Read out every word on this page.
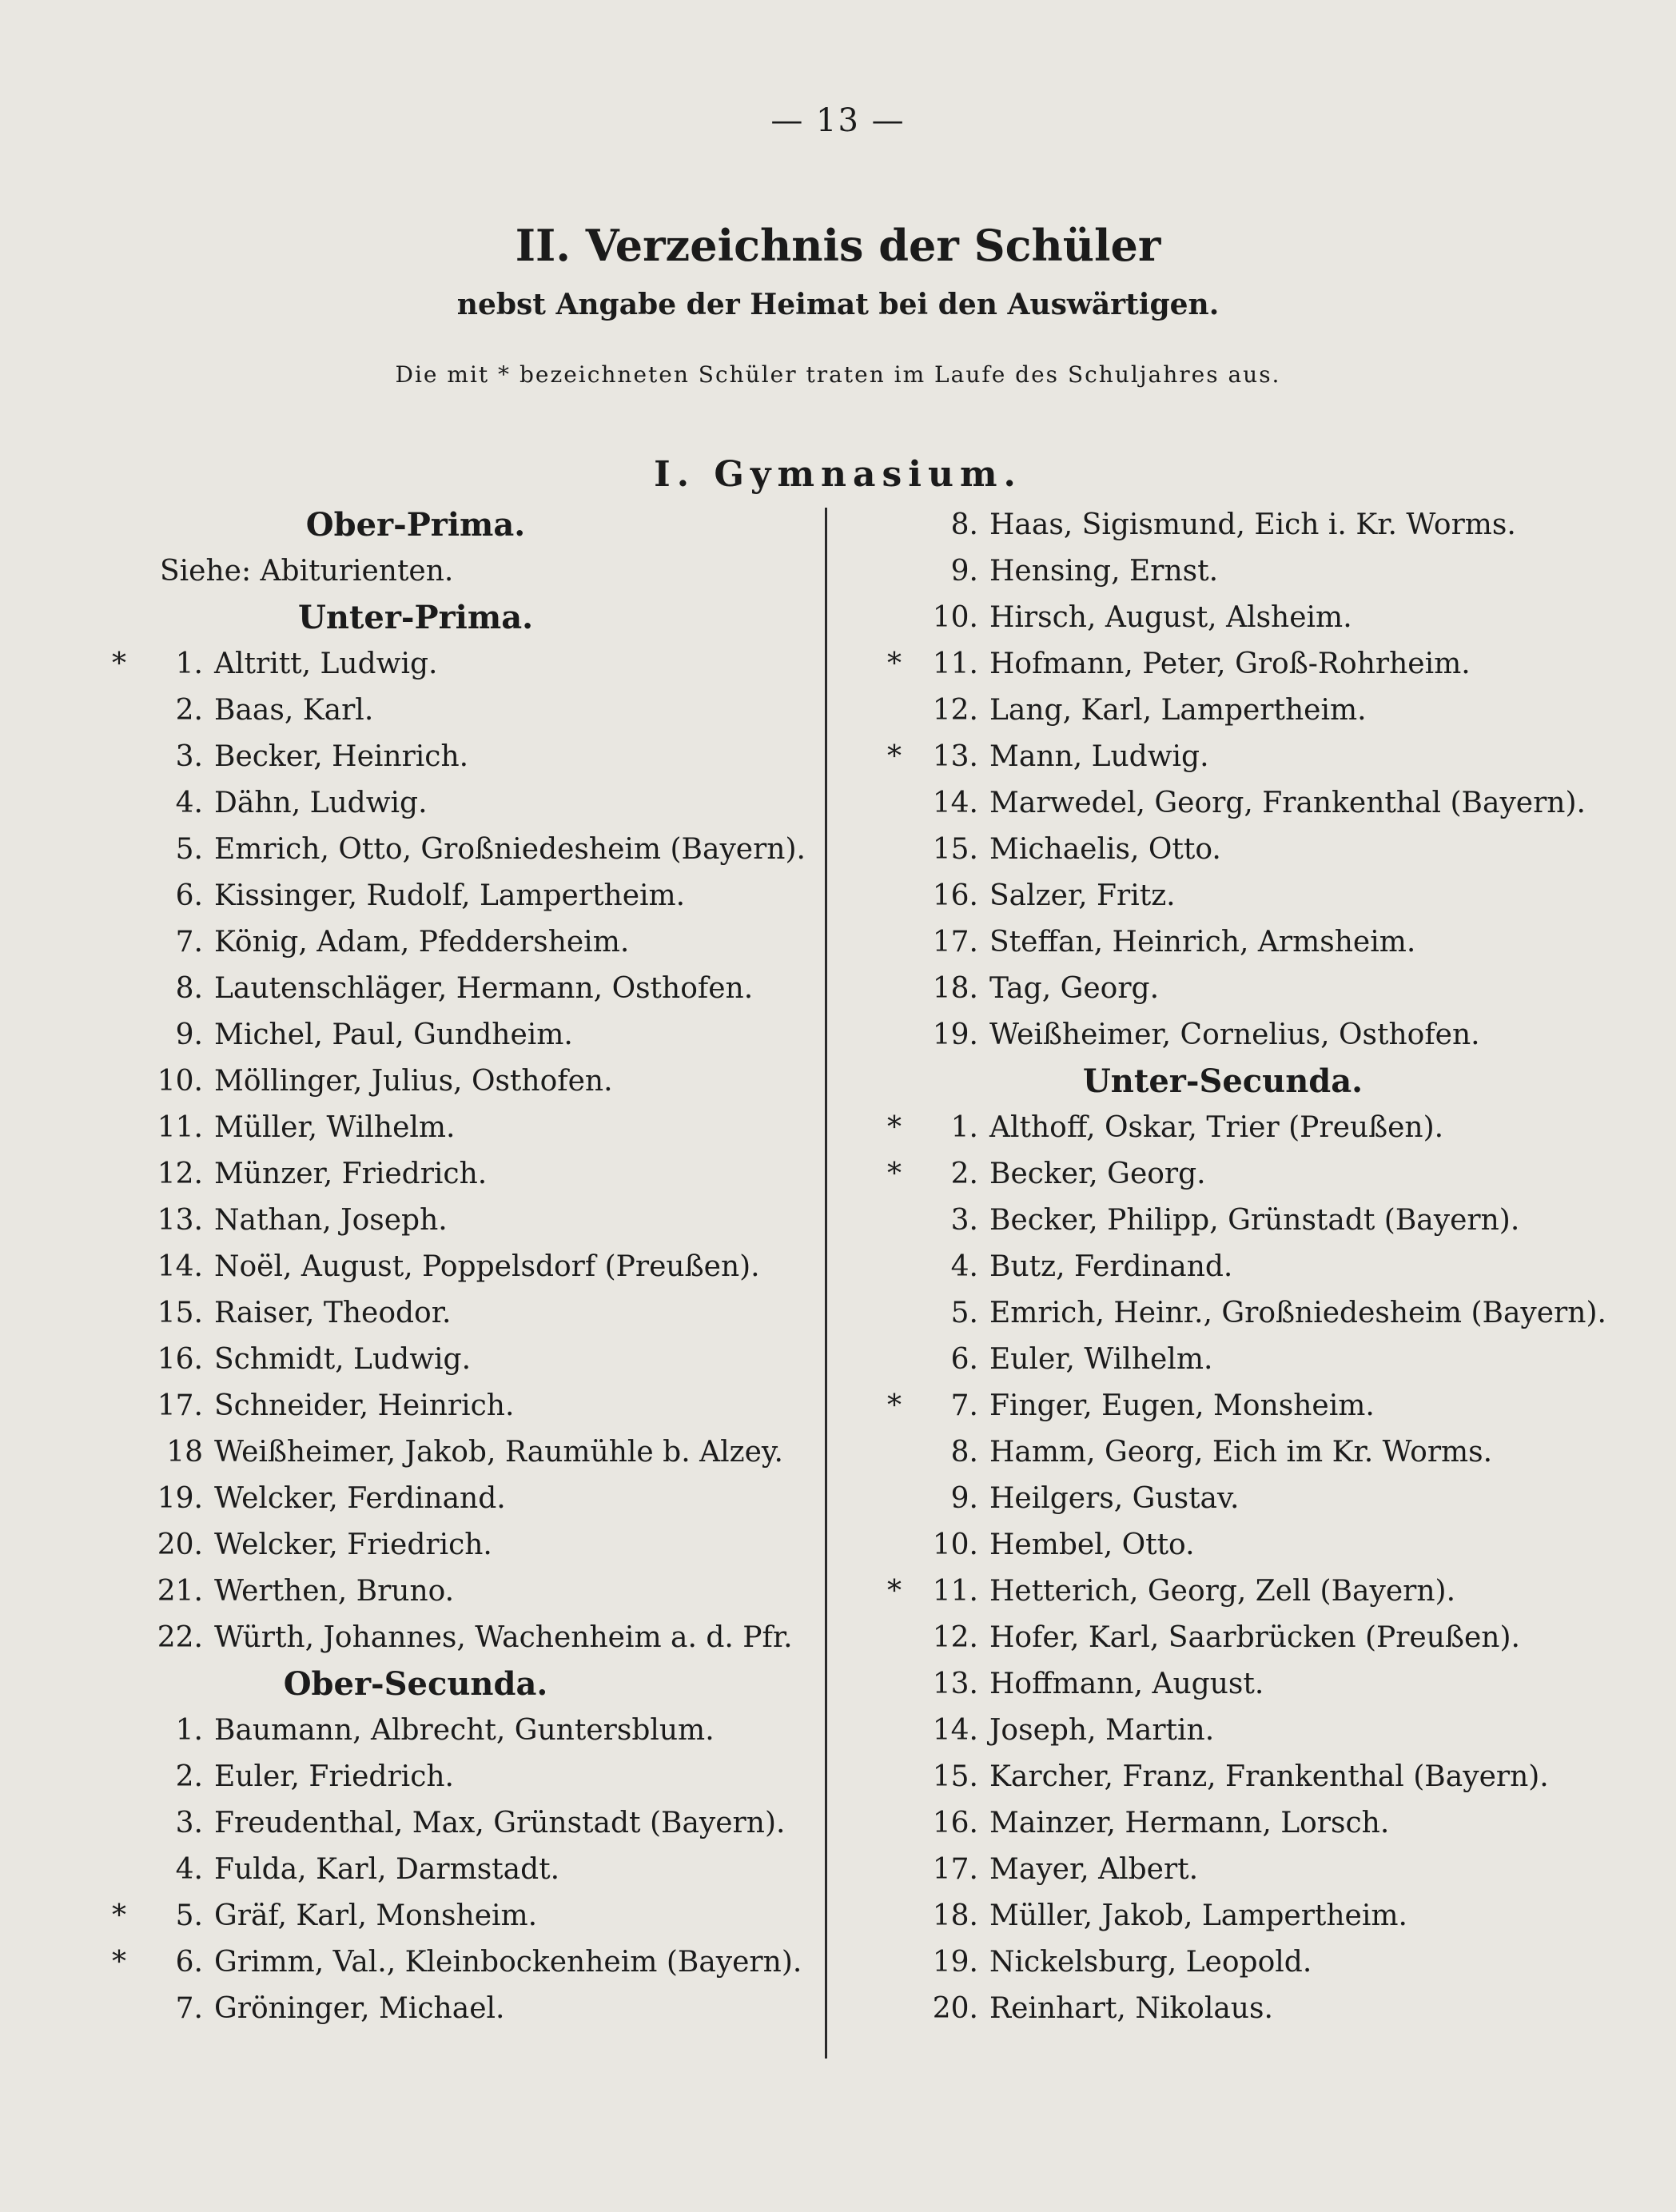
— 13 —
II. Verzeichnis der Schüler
nebst Angabe der Heimat bei den Auswärtigen.
Die mit * bezeichneten Schüler traten im Laufe des Schuljahres aus.
I. Gymnasium.
Ober-Prima.
Siehe: Abiturienten.
Unter-Prima.
* 1. Altritt, Ludwig.
2. Baas, Karl.
3. Becker, Heinrich.
4. Dähn, Ludwig.
5. Emrich, Otto, Großniedesheim (Bayern).
6. Kissinger, Rudolf, Lampertheim.
7. König, Adam, Pfeddersheim.
8. Lautenschläger, Hermann, Osthofen.
9. Michel, Paul, Gundheim.
10. Möllinger, Julius, Osthofen.
11. Müller, Wilhelm.
12. Münzer, Friedrich.
13. Nathan, Joseph.
14. Noël, August, Poppelsdorf (Preußen).
15. Raiser, Theodor.
16. Schmidt, Ludwig.
17. Schneider, Heinrich.
18 Weißheimer, Jakob, Raumühle b. Alzey.
19. Welcker, Ferdinand.
20. Welcker, Friedrich.
21. Werthen, Bruno.
22. Würth, Johannes, Wachenheim a. d. Pfr.
Ober-Secunda.
1. Baumann, Albrecht, Guntersblum.
2. Euler, Friedrich.
3. Freudenthal, Max, Grünstadt (Bayern).
4. Fulda, Karl, Darmstadt.
* 5. Gräf, Karl, Monsheim.
* 6. Grimm, Val., Kleinbockenheim (Bayern).
7. Gröninger, Michael.
8. Haas, Sigismund, Eich i. Kr. Worms.
9. Hensing, Ernst.
10. Hirsch, August, Alsheim.
* 11. Hofmann, Peter, Groß-Rohrheim.
12. Lang, Karl, Lampertheim.
* 13. Mann, Ludwig.
14. Marwedel, Georg, Frankenthal (Bayern).
15. Michaelis, Otto.
16. Salzer, Fritz.
17. Steffan, Heinrich, Armsheim.
18. Tag, Georg.
19. Weißheimer, Cornelius, Osthofen.
Unter-Secunda.
* 1. Althoff, Oskar, Trier (Preußen).
* 2. Becker, Georg.
3. Becker, Philipp, Grünstadt (Bayern).
4. Butz, Ferdinand.
5. Emrich, Heinr., Großniedesheim (Bayern).
6. Euler, Wilhelm.
* 7. Finger, Eugen, Monsheim.
8. Hamm, Georg, Eich im Kr. Worms.
9. Heilgers, Gustav.
10. Hembel, Otto.
* 11. Hetterich, Georg, Zell (Bayern).
12. Hofer, Karl, Saarbrücken (Preußen).
13. Hoffmann, August.
14. Joseph, Martin.
15. Karcher, Franz, Frankenthal (Bayern).
16. Mainzer, Hermann, Lorsch.
17. Mayer, Albert.
18. Müller, Jakob, Lampertheim.
19. Nickelsburg, Leopold.
20. Reinhart, Nikolaus.
